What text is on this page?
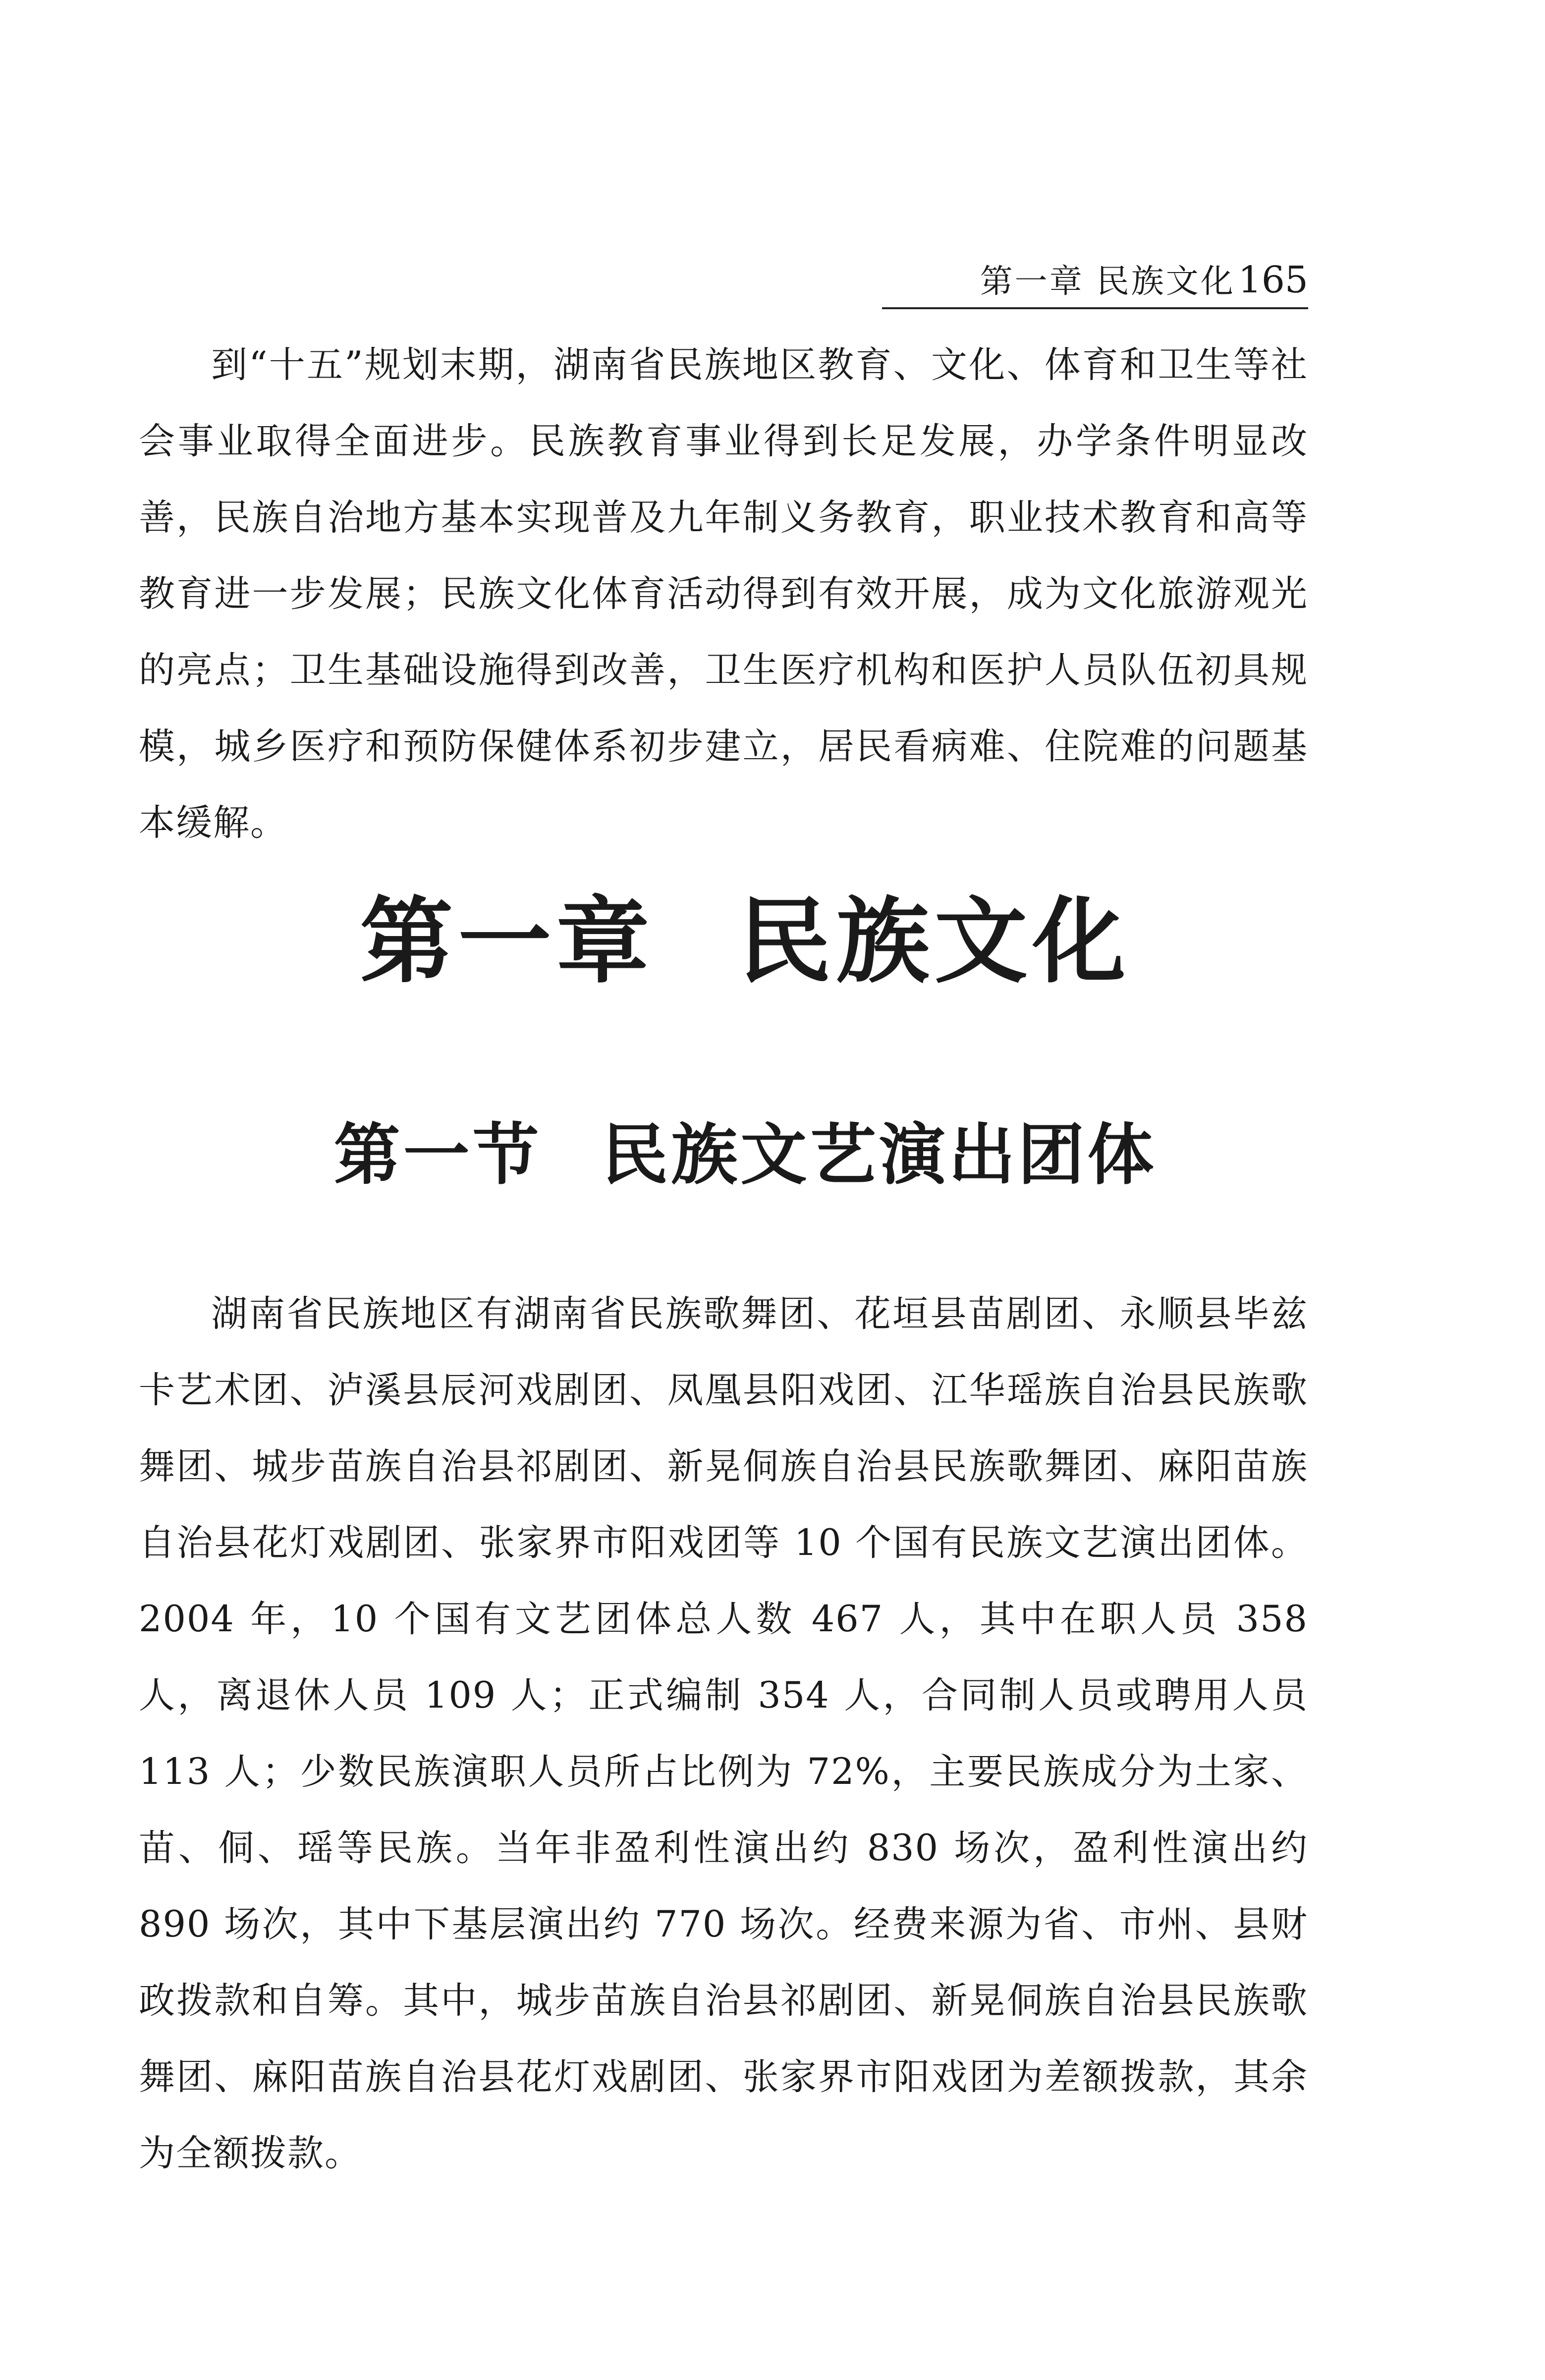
第一章 民族文化165

到“十五”规划末期，湖南省民族地区教育、文化、体育和卫生等社会事业取得全面进步。民族教育事业得到长足发展，办学条件明显改善，民族自治地方基本实现普及九年制义务教育，职业技术教育和高等教育进一步发展；民族文化体育活动得到有效开展，成为文化旅游观光的亮点；卫生基础设施得到改善，卫生医疗机构和医护人员队伍初具规模，城乡医疗和预防保健体系初步建立，居民看病难、住院难的问题基本缓解。

第一章 民族文化
第一节 民族文艺演出团体

湖南省民族地区有湖南省民族歌舞团、花垣县苗剧团、永顺县毕兹卡艺术团、泸溪县辰河戏剧团、凤凰县阳戏团、江华瑶族自治县民族歌舞团、城步苗族自治县祁剧团、新晃侗族自治县民族歌舞团、麻阳苗族自治县花灯戏剧团、张家界市阳戏团等 10 个国有民族文艺演出团体。2004 年，10 个国有文艺团体总人数 467 人，其中在职人员 358 人，离退休人员 109 人；正式编制 354 人，合同制人员或聘用人员 113 人；少数民族演职人员所占比例为 72%，主要民族成分为土家、苗、侗、瑶等民族。当年非盈利性演出约 830 场次，盈利性演出约 890 场次，其中下基层演出约 770 场次。经费来源为省、市州、县财政拨款和自筹。其中，城步苗族自治县祁剧团、新晃侗族自治县民族歌舞团、麻阳苗族自治县花灯戏剧团、张家界市阳戏团为差额拨款，其余为全额拨款。
